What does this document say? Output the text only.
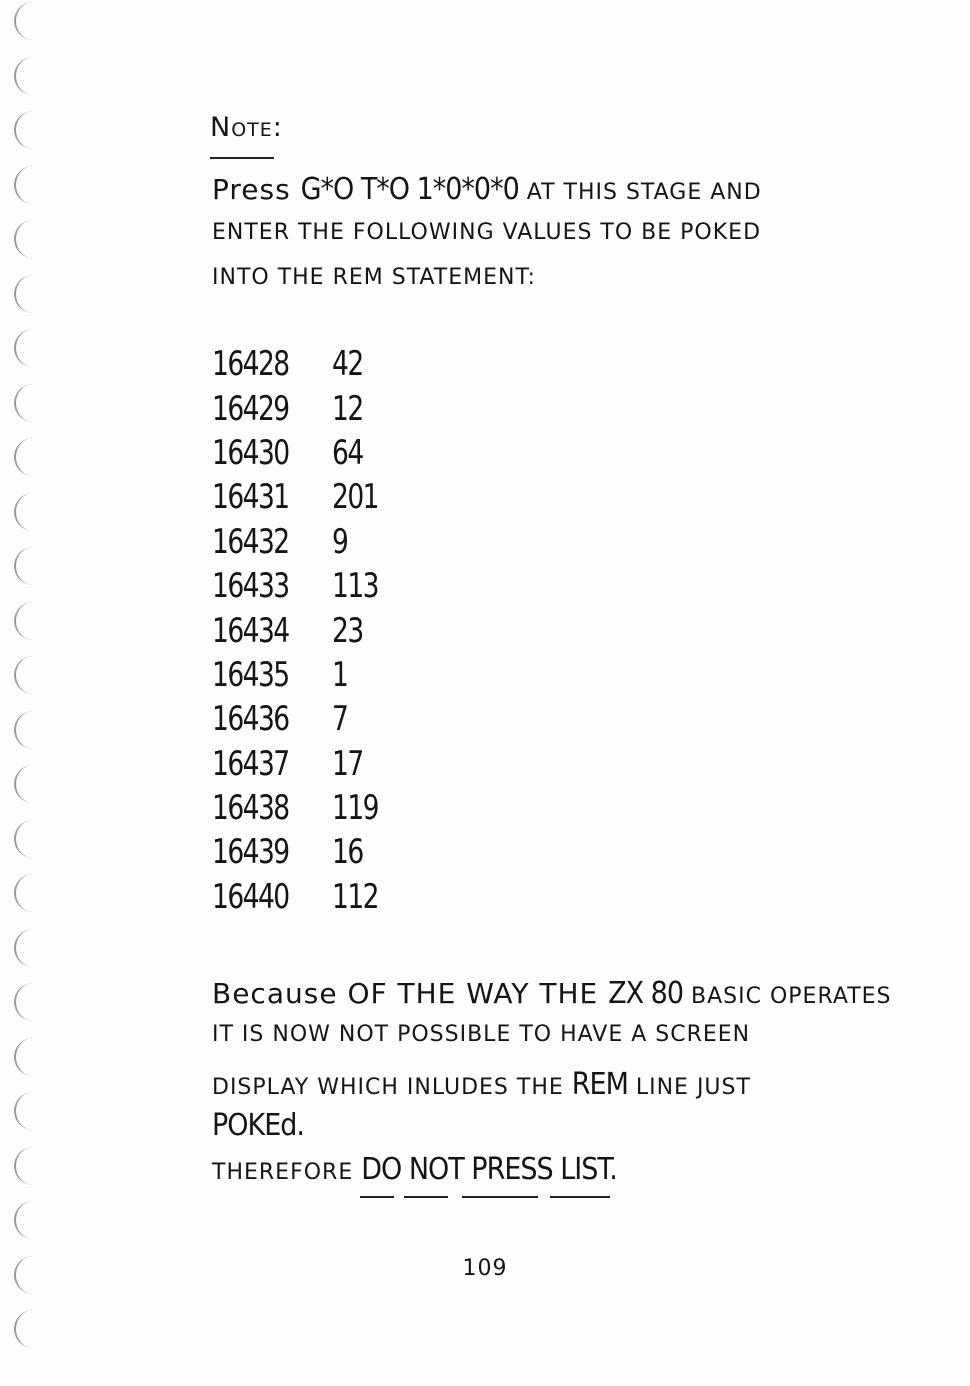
Note:
Press G*O T*O 1*0*0*0 AT THIS STAGE AND
ENTER THE FOLLOWING VALUES TO BE POKED
INTO THE REM STATEMENT:
16428	42
16429	12
16430	64
16431	201
16432	9
16433	113
16434	23
16435	1
16436	7
16437	17
16438	119
16439	16
16440	112
Because OF THE WAY THE ZX 80 BASIC OPERATES
IT IS NOW NOT POSSIBLE TO HAVE A SCREEN
DISPLAY WHICH INLUDES THE REM LINE JUST
POKEd.
THEREFORE DO NOT PRESS LIST.
109
